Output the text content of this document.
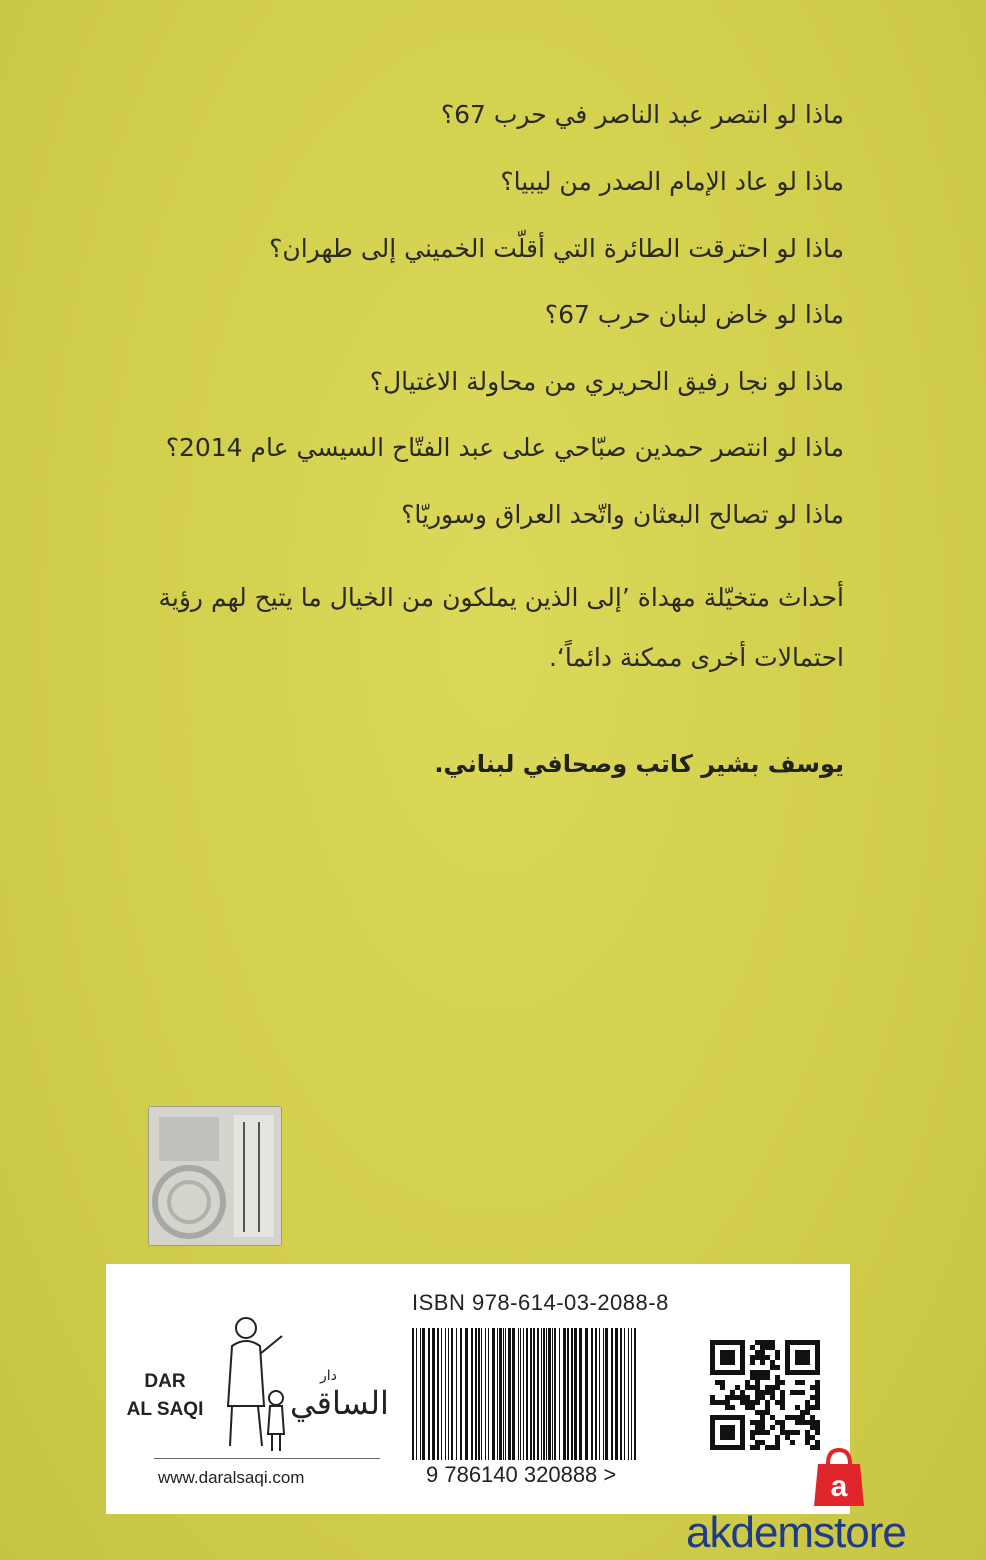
ماذا لو انتصر عبد الناصر في حرب 67؟
ماذا لو عاد الإمام الصدر من ليبيا؟
ماذا لو احترقت الطائرة التي أقلّت الخميني إلى طهران؟
ماذا لو خاض لبنان حرب 67؟
ماذا لو نجا رفيق الحريري من محاولة الاغتيال؟
ماذا لو انتصر حمدين صبّاحي على عبد الفتّاح السيسي عام 2014؟
ماذا لو تصالح البعثان واتّحد العراق وسوريّا؟
أحداث متخيّلة مهداة ’إلى الذين يملكون من الخيال ما يتيح لهم رؤية احتمالات أخرى ممكنة دائماً‘.
يوسف بشير كاتب وصحافي لبناني.
DAR
AL SAQI
دار
الساقي
www.daralsaqi.com
ISBN 978-614-03-2088-8
9 786140 320888 >	a
akdemstore
